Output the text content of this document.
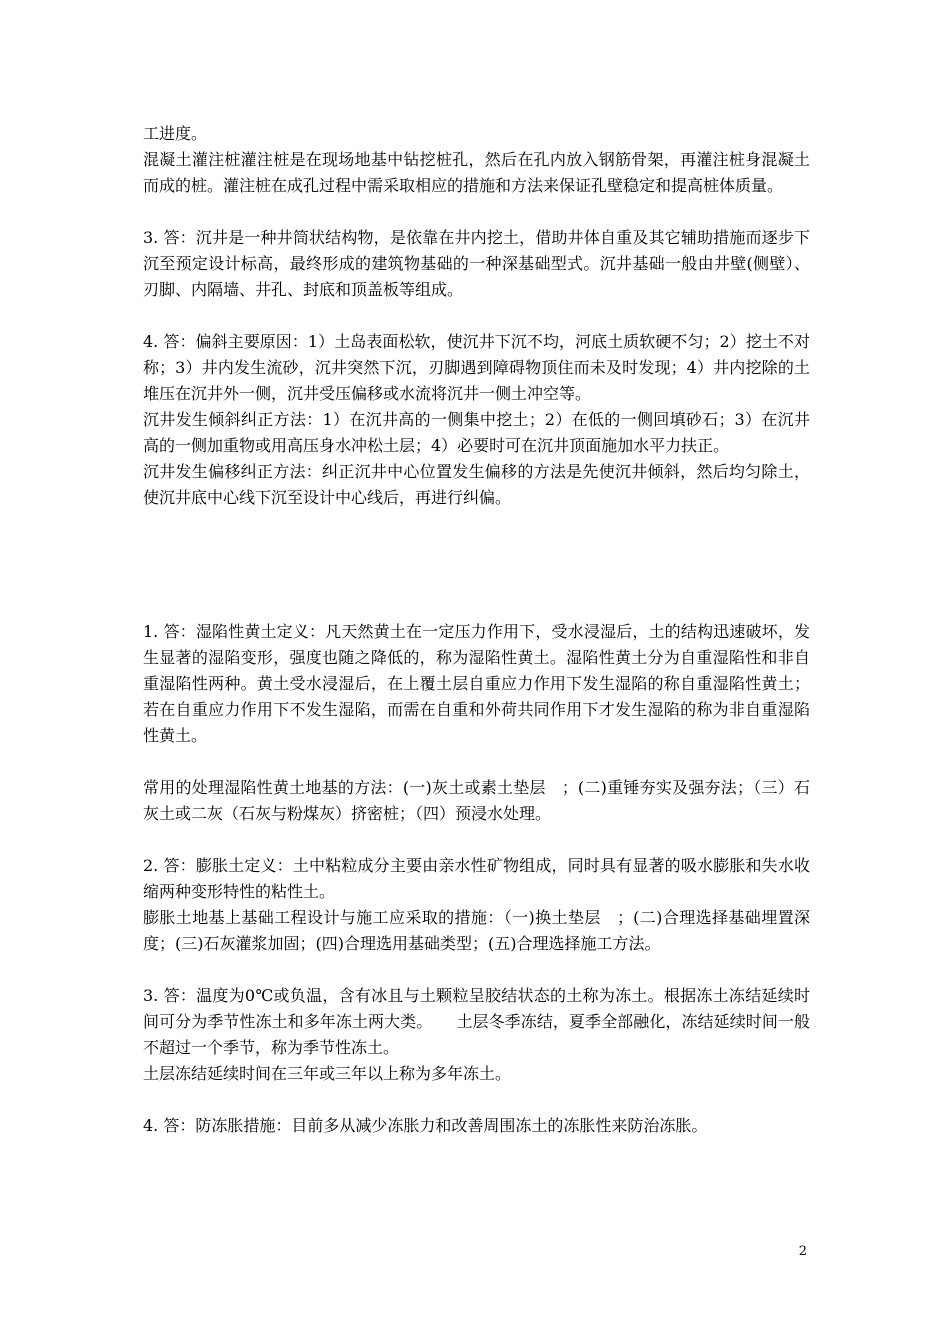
工进度。

混凝土灌注桩灌注桩是在现场地基中钻挖桩孔，然后在孔内放入钢筋骨架，再灌注桩身混凝土而成的桩。灌注桩在成孔过程中需采取相应的措施和方法来保证孔壁稳定和提高桩体质量。

3. 答：沉井是一种井筒状结构物，是依靠在井内挖土，借助井体自重及其它辅助措施而逐步下沉至预定设计标高，最终形成的建筑物基础的一种深基础型式。沉井基础一般由井壁(侧壁）、刃脚、内隔墙、井孔、封底和顶盖板等组成。

4. 答：偏斜主要原因：1）土岛表面松软，使沉井下沉不均，河底土质软硬不匀；2）挖土不对称；3）井内发生流砂，沉井突然下沉，刃脚遇到障碍物顶住而未及时发现；4）井内挖除的土堆压在沉井外一侧，沉井受压偏移或水流将沉井一侧土冲空等。

沉井发生倾斜纠正方法：1）在沉井高的一侧集中挖土；2）在低的一侧回填砂石；3）在沉井高的一侧加重物或用高压身水冲松土层；4）必要时可在沉井顶面施加水平力扶正。

沉井发生偏移纠正方法：纠正沉井中心位置发生偏移的方法是先使沉井倾斜，然后均匀除土，使沉井底中心线下沉至设计中心线后，再进行纠偏。

1. 答：湿陷性黄土定义：凡天然黄土在一定压力作用下，受水浸湿后，土的结构迅速破坏，发生显著的湿陷变形，强度也随之降低的，称为湿陷性黄土。湿陷性黄土分为自重湿陷性和非自重湿陷性两种。黄土受水浸湿后，在上覆土层自重应力作用下发生湿陷的称自重湿陷性黄土；若在自重应力作用下不发生湿陷，而需在自重和外荷共同作用下才发生湿陷的称为非自重湿陷性黄土。

常用的处理湿陷性黄土地基的方法：(一)灰土或素土垫层　；(二)重锤夯实及强夯法；（三）石灰土或二灰（石灰与粉煤灰）挤密桩；（四）预浸水处理。

2. 答：膨胀土定义：土中粘粒成分主要由亲水性矿物组成，同时具有显著的吸水膨胀和失水收缩两种变形特性的粘性土。

膨胀土地基上基础工程设计与施工应采取的措施：（一)换土垫层　；(二)合理选择基础埋置深度；(三)石灰灌浆加固；(四)合理选用基础类型；(五)合理选择施工方法。

3. 答：温度为0℃或负温，含有冰且与土颗粒呈胶结状态的土称为冻土。根据冻土冻结延续时间可分为季节性冻土和多年冻土两大类。　　土层冬季冻结，夏季全部融化，冻结延续时间一般不超过一个季节，称为季节性冻土。

土层冻结延续时间在三年或三年以上称为多年冻土。

4. 答：防冻胀措施：目前多从减少冻胀力和改善周围冻土的冻胀性来防治冻胀。

2
